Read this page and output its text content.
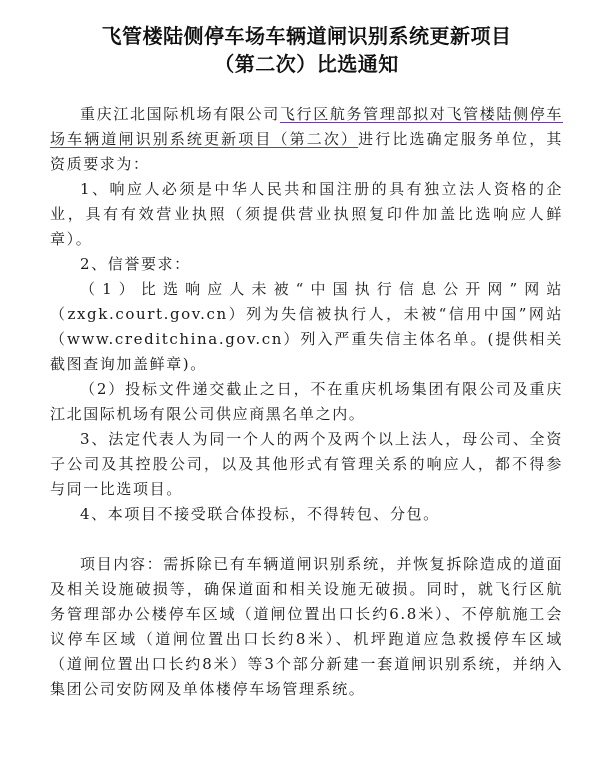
飞管楼陆侧停车场车辆道闸识别系统更新项目
（第二次）比选通知

重庆江北国际机场有限公司飞行区航务管理部拟对飞管楼陆侧停车场车辆道闸识别系统更新项目（第二次）进行比选确定服务单位，其资质要求为：

1、响应人必须是中华人民共和国注册的具有独立法人资格的企业，具有有效营业执照（须提供营业执照复印件加盖比选响应人鲜章）。

2、信誉要求：

（1）比选响应人未被“中国执行信息公开网”网站（zxgk.court.gov.cn）列为失信被执行人，未被“信用中国”网站（www.creditchina.gov.cn）列入严重失信主体名单。(提供相关截图查询加盖鲜章)。

（2）投标文件递交截止之日，不在重庆机场集团有限公司及重庆江北国际机场有限公司供应商黑名单之内。

3、法定代表人为同一个人的两个及两个以上法人，母公司、全资子公司及其控股公司，以及其他形式有管理关系的响应人，都不得参与同一比选项目。

4、本项目不接受联合体投标，不得转包、分包。

项目内容：需拆除已有车辆道闸识别系统，并恢复拆除造成的道面及相关设施破损等，确保道面和相关设施无破损。同时，就飞行区航务管理部办公楼停车区域（道闸位置出口长约6.8米）、不停航施工会议停车区域（道闸位置出口长约8米）、机坪跑道应急救援停车区域（道闸位置出口长约8米）等3个部分新建一套道闸识别系统，并纳入集团公司安防网及单体楼停车场管理系统。
